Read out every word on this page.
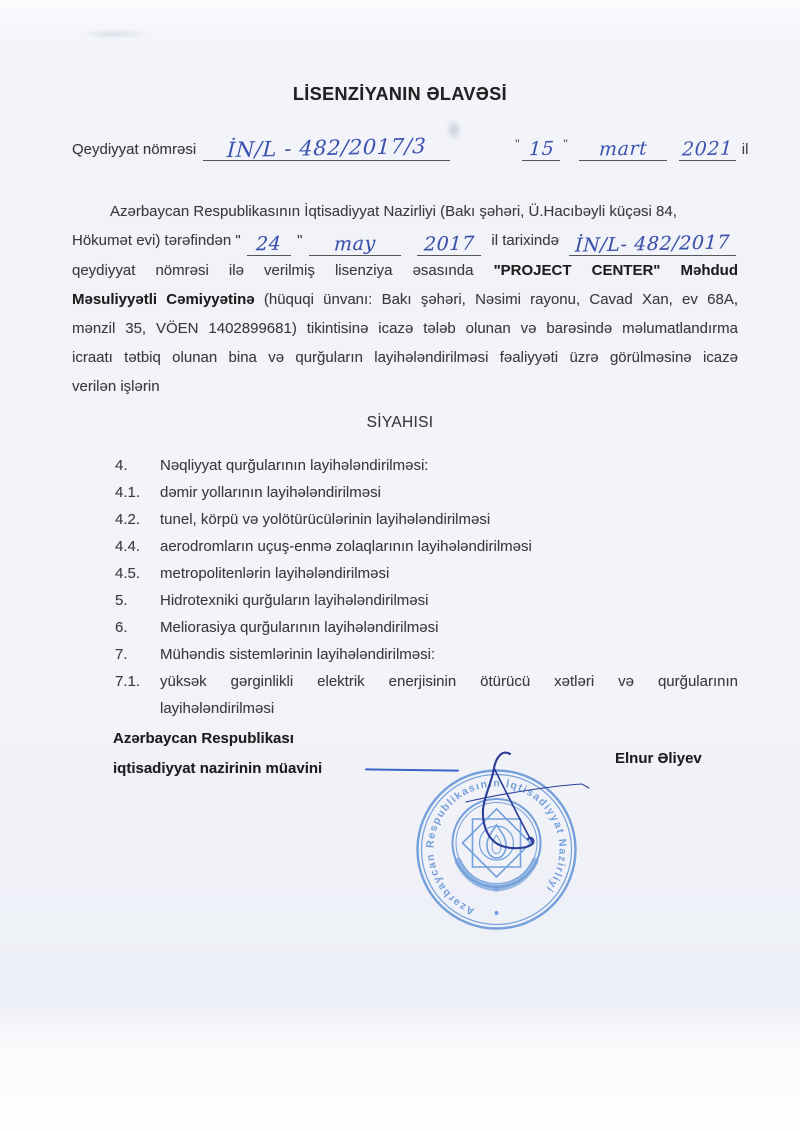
LİSENZİYANIN ƏLAVƏSİ
Qeydiyyat nömrəsi İN/L - 482/2017/3	" 15 " mart 2021 il
Azərbaycan Respublikasının İqtisadiyyat Nazirliyi (Bakı şəhəri, Ü.Hacıbəyli küçəsi 84,
Hökumət evi) tərəfindən " 24 " may
2017 il tarixində İN/L- 482/2017
qeydiyyat nömrəsi ilə verilmiş lisenziya əsasında "PROJECT CENTER" Məhdud
Məsuliyyətli Cəmiyyətinə (hüquqi ünvanı: Bakı şəhəri, Nəsimi rayonu, Cavad Xan, ev 68A,
mənzil 35, VÖEN 1402899681) tikintisinə icazə tələb olunan və barəsində məlumatlandırma
icraatı tətbiq olunan bina və qurğuların layihələndirilməsi fəaliyyəti üzrə görülməsinə icazə
verilən işlərin
SİYAHISI
4.	Nəqliyyat qurğularının layihələndirilməsi:
4.1.	dəmir yollarının layihələndirilməsi
4.2.	tunel, körpü və yolötürücülərinin layihələndirilməsi
4.4.	aerodromların uçuş-enmə zolaqlarının layihələndirilməsi
4.5.	metropolitenlərin layihələndirilməsi
5.	Hidrotexniki qurğuların layihələndirilməsi
6.	Meliorasiya qurğularının layihələndirilməsi
7.	Mühəndis sistemlərinin layihələndirilməsi:
7.1.	yüksək gərginlikli elektrik enerjisinin ötürücü xətləri və qurğularının
layihələndirilməsi
Azərbaycan Respublikası
iqtisadiyyat nazirinin müavini
Elnur Əliyev
Azərbaycan Respublikasının İqtisadiyyat Nazirliyi
